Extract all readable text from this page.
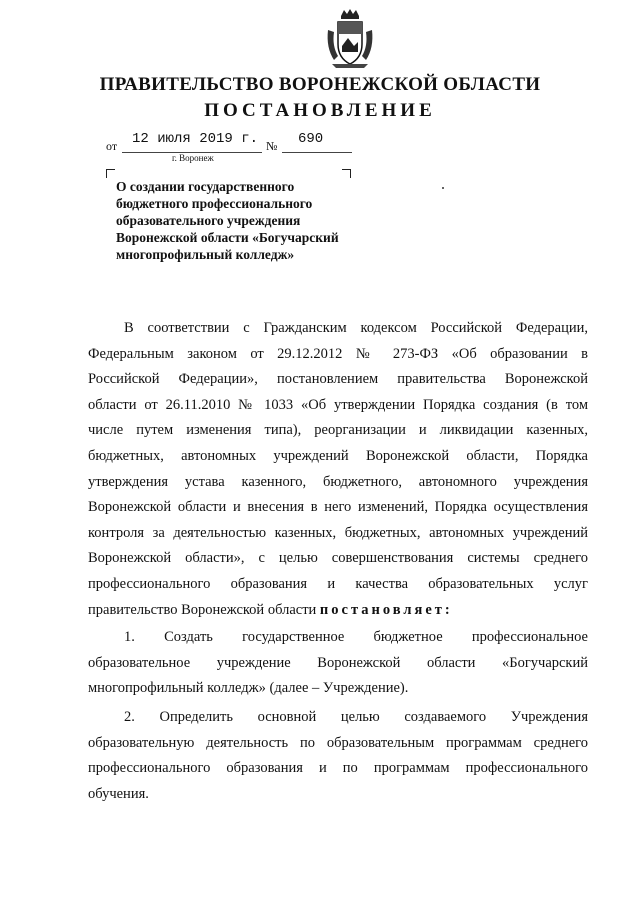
ПРАВИТЕЛЬСТВО ВОРОНЕЖСКОЙ ОБЛАСТИ
ПОСТАНОВЛЕНИЕ
от 12 июля 2019 г. № 690
г. Воронеж
О создании государственного
бюджетного профессионального
образовательного учреждения
Воронежской области «Богучарский
многопрофильный колледж»
В соответствии с Гражданским кодексом Российской Федерации,
Федеральным законом от 29.12.2012 № 273-ФЗ «Об образовании в
Российской Федерации», постановлением правительства Воронежской
области от 26.11.2010 № 1033 «Об утверждении Порядка создания (в том
числе путем изменения типа), реорганизации и ликвидации казенных,
бюджетных, автономных учреждений Воронежской области, Порядка
утверждения устава казенного, бюджетного, автономного учреждения
Воронежской области и внесения в него изменений, Порядка осуществления
контроля за деятельностью казенных, бюджетных, автономных учреждений
Воронежской области», с целью совершенствования системы среднего
профессионального образования и качества образовательных услуг
правительство Воронежской области постановляет:
1. Создать государственное бюджетное профессиональное
образовательное учреждение Воронежской области «Богучарский
многопрофильный колледж» (далее – Учреждение).
2. Определить основной целью создаваемого Учреждения
образовательную деятельность по образовательным программам среднего
профессионального образования и по программам профессионального
обучения.
